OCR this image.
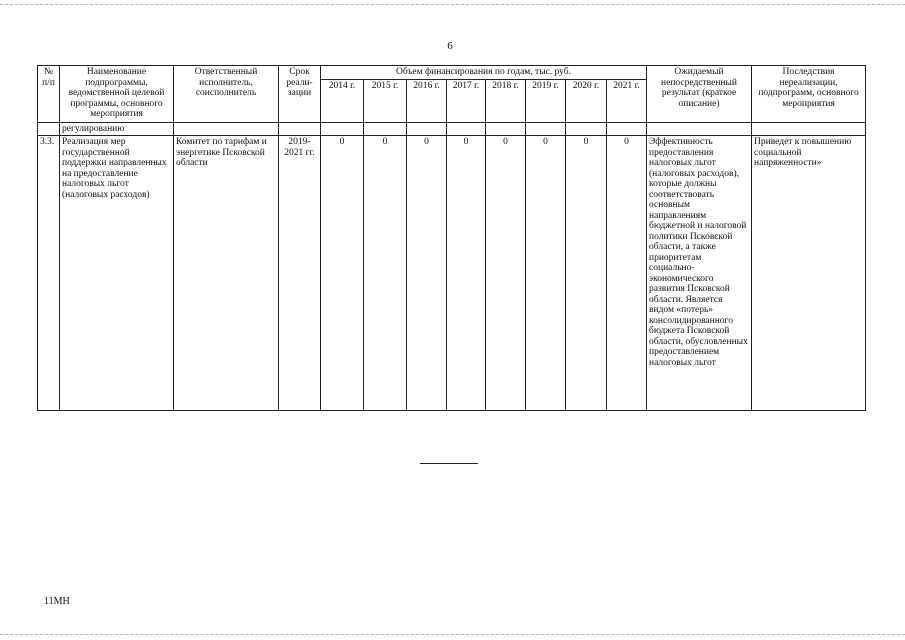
6
№ п/п	Наименование подпрограммы, ведомственной целевой программы, основного мероприятия	Ответственный исполнитель, соисполнитель	Срок реали- зации	Объем финансирования по годам, тыс. руб.								Ожидаемый непосредственный результат (краткое описание)	Последствия нереализации, подпрограмм, основного мероприятия
				2014 г.	2015 г.	2016 г.	2017 г.	2018 г.	2019 г.	2020 г.	2021 г.		
	регулированию												
3.3.	Реализация мер государственной поддержки направленных на предоставление налоговых льгот (налоговых расходов)	Комитет по тарифам и энергетике Псковской области	2019- 2021 гг.	0	0	0	0	0	0	0	0	Эффективность предоставления налоговых льгот (налоговых расходов), которые должны соответствовать основным направлениям бюджетной и налоговой политики Псковской области, а также приоритетам социально-экономического развития Псковской области. Является видом «потерь» консолидированного бюджета Псковской области, обусловленных предоставлением налоговых льгот	Приведет к повышению социальной напряженности»
11МН
